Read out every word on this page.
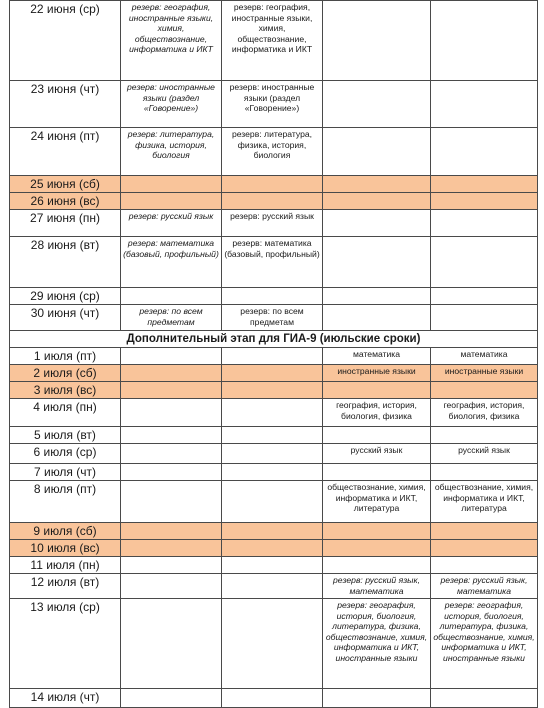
22 июня (ср)	резерв: география, иностранные языки, химия, обществознание, информатика и ИКТ	резерв: география, иностранные языки, химия, обществознание, информатика и ИКТ		
23 июня (чт)	резерв: иностранные языки (раздел «Говорение»)	резерв: иностранные языки (раздел «Говорение»)		
24 июня (пт)	резерв: литература, физика, история, биология	резерв: литература, физика, история, биология		
25 июня (сб)				
26 июня (вс)				
27 июня (пн)	резерв: русский язык	резерв: русский язык		
28 июня (вт)	резерв: математика (базовый, профильный)	резерв: математика (базовый, профильный)		
29 июня (ср)				
30 июня (чт)	резерв: по всем предметам	резерв: по всем предметам		
Дополнительный этап для ГИА-9 (июльские сроки)				
1 июля (пт)			математика	математика
2 июля (сб)			иностранные языки	иностранные языки
3 июля (вс)				
4 июля (пн)			география, история, биология, физика	география, история, биология, физика
5 июля (вт)				
6 июля (ср)			русский язык	русский язык
7 июля (чт)				
8 июля (пт)			обществознание, химия, информатика и ИКТ, литература	обществознание, химия, информатика и ИКТ, литература
9 июля (сб)				
10 июля (вс)				
11 июля (пн)				
12 июля (вт)			резерв: русский язык, математика	резерв: русский язык, математика
13 июля (ср)			резерв: география, история, биология, литература, физика, обществознание, химия, информатика и ИКТ, иностранные языки	резерв: география, история, биология, литература, физика, обществознание, химия, информатика и ИКТ, иностранные языки
14 июля (чт)				
